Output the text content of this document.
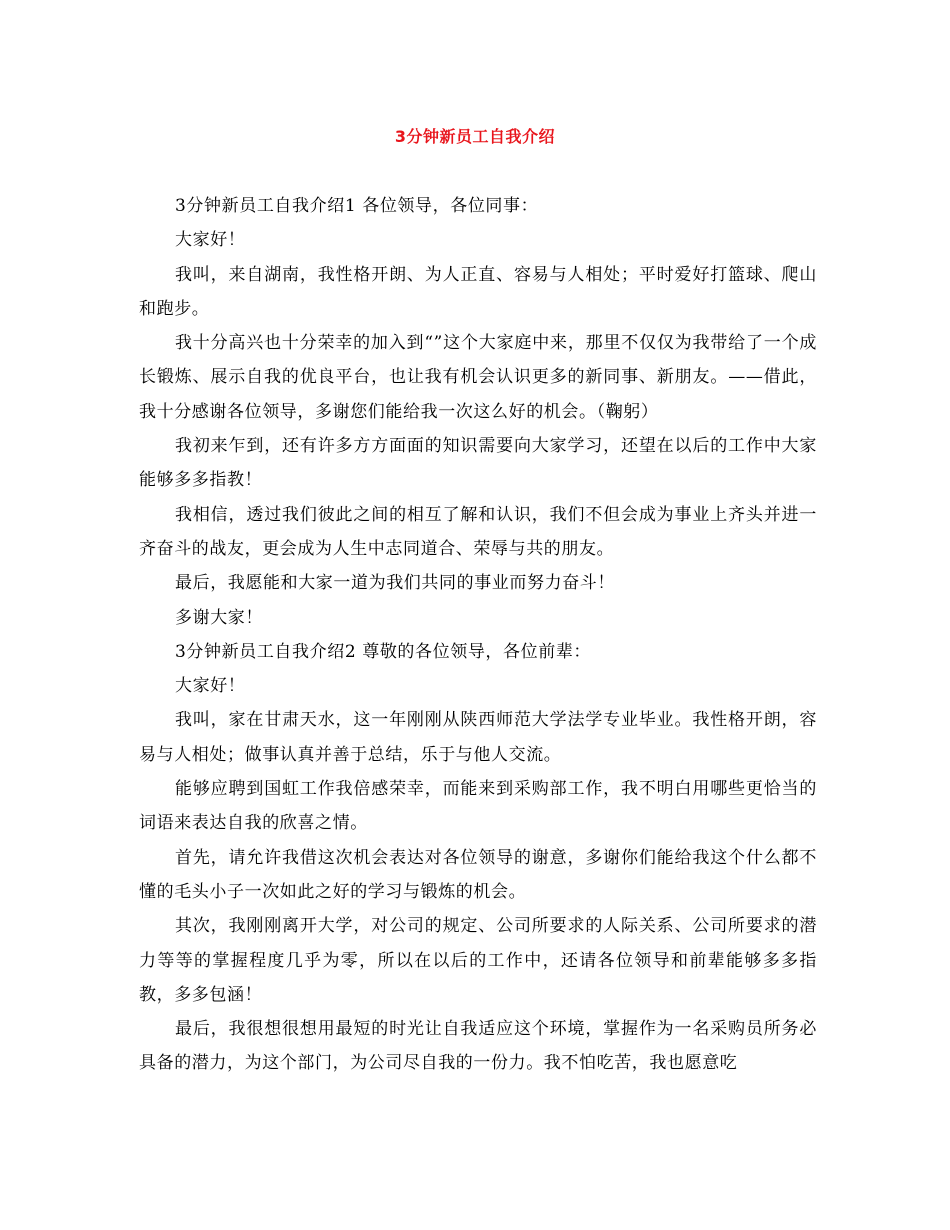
3分钟新员工自我介绍

3分钟新员工自我介绍1 各位领导，各位同事：

大家好！

我叫，来自湖南，我性格开朗、为人正直、容易与人相处；平时爱好打篮球、爬山和跑步。

我十分高兴也十分荣幸的加入到“”这个大家庭中来，那里不仅仅为我带给了一个成长锻炼、展示自我的优良平台，也让我有机会认识更多的新同事、新朋友。——借此，我十分感谢各位领导，多谢您们能给我一次这么好的机会。（鞠躬）

我初来乍到，还有许多方方面面的知识需要向大家学习，还望在以后的工作中大家能够多多指教！

我相信，透过我们彼此之间的相互了解和认识，我们不但会成为事业上齐头并进一齐奋斗的战友，更会成为人生中志同道合、荣辱与共的朋友。

最后，我愿能和大家一道为我们共同的事业而努力奋斗！

多谢大家！

3分钟新员工自我介绍2 尊敬的各位领导，各位前辈：

大家好！

我叫，家在甘肃天水，这一年刚刚从陕西师范大学法学专业毕业。我性格开朗，容易与人相处；做事认真并善于总结，乐于与他人交流。

能够应聘到国虹工作我倍感荣幸，而能来到采购部工作，我不明白用哪些更恰当的词语来表达自我的欣喜之情。

首先，请允许我借这次机会表达对各位领导的谢意，多谢你们能给我这个什么都不懂的毛头小子一次如此之好的学习与锻炼的机会。

其次，我刚刚离开大学，对公司的规定、公司所要求的人际关系、公司所要求的潜力等等的掌握程度几乎为零，所以在以后的工作中，还请各位领导和前辈能够多多指教，多多包涵！

最后，我很想很想用最短的时光让自我适应这个环境，掌握作为一名采购员所务必具备的潜力，为这个部门，为公司尽自我的一份力。我不怕吃苦，我也愿意吃
